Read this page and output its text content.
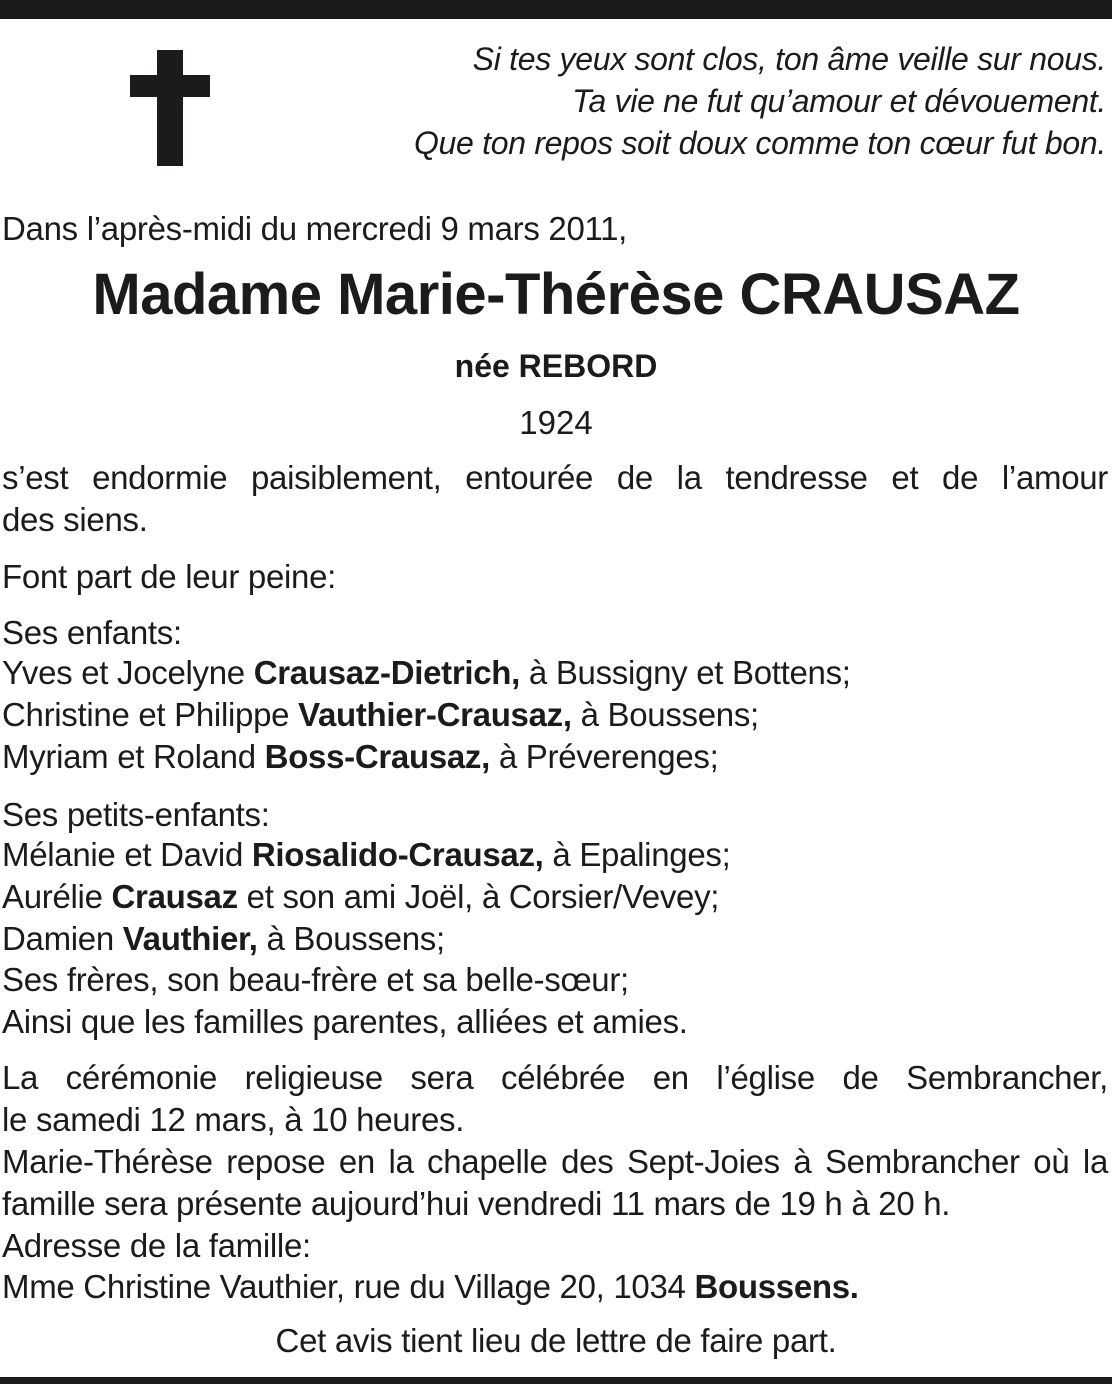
Si tes yeux sont clos, ton âme veille sur nous.
Ta vie ne fut qu’amour et dévouement.
Que ton repos soit doux comme ton cœur fut bon.
Dans l’après-midi du mercredi 9 mars 2011,
Madame Marie-Thérèse CRAUSAZ
née REBORD
1924
s’est endormie paisiblement, entourée de la tendresse et de l’amour
des siens.
Font part de leur peine:
Ses enfants:
Yves et Jocelyne Crausaz-Dietrich, à Bussigny et Bottens;
Christine et Philippe Vauthier-Crausaz, à Boussens;
Myriam et Roland Boss-Crausaz, à Préverenges;
Ses petits-enfants:
Mélanie et David Riosalido-Crausaz, à Epalinges;
Aurélie Crausaz et son ami Joël, à Corsier/Vevey;
Damien Vauthier, à Boussens;
Ses frères, son beau-frère et sa belle-sœur;
Ainsi que les familles parentes, alliées et amies.
La cérémonie religieuse sera célébrée en l’église de Sembrancher,
le samedi 12 mars, à 10 heures.
Marie-Thérèse repose en la chapelle des Sept-Joies à Sembrancher où la
famille sera présente aujourd’hui vendredi 11 mars de 19 h à 20 h.
Adresse de la famille:
Mme Christine Vauthier, rue du Village 20, 1034 Boussens.
Cet avis tient lieu de lettre de faire part.
